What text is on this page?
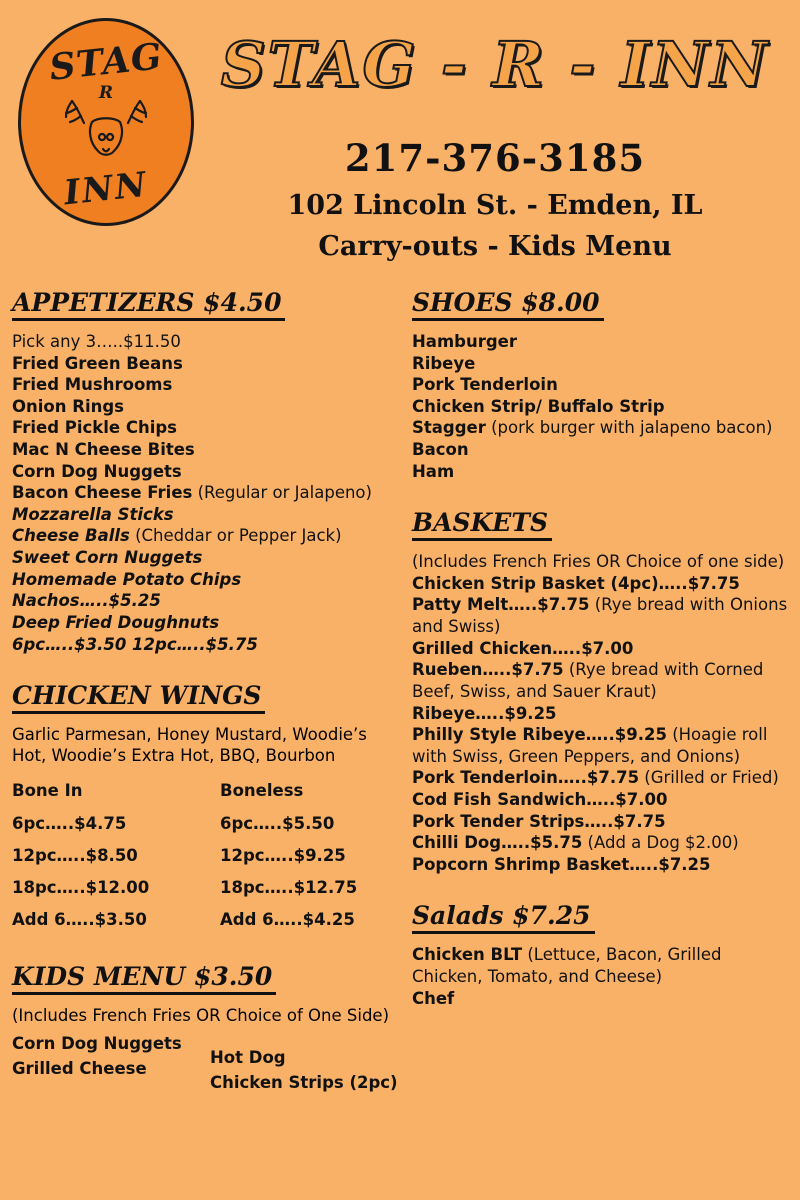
STAG
R
INN
STAG - R - INN
217-376-3185
102 Lincoln St. - Emden, IL
Carry-outs - Kids Menu
APPETIZERS $4.50
Pick any 3…..$11.50
Fried Green Beans
Fried Mushrooms
Onion Rings
Fried Pickle Chips
Mac N Cheese Bites
Corn Dog Nuggets
Bacon Cheese Fries (Regular or Jalapeno)
Mozzarella Sticks
Cheese Balls (Cheddar or Pepper Jack)
Sweet Corn Nuggets
Homemade Potato Chips
Nachos…..$5.25
Deep Fried Doughnuts
6pc…..$3.50 12pc…..$5.75
CHICKEN WINGS
Garlic Parmesan, Honey Mustard, Woodie’s Hot, Woodie’s Extra Hot, BBQ, Bourbon
Bone In
6pc…..$4.75
12pc…..$8.50
18pc…..$12.00
Add 6…..$3.50
Boneless
6pc…..$5.50
12pc…..$9.25
18pc…..$12.75
Add 6…..$4.25
KIDS MENU $3.50
(Includes French Fries OR Choice of One Side)
Corn Dog Nuggets
Grilled Cheese
Hot Dog
Chicken Strips (2pc)
SHOES $8.00
Hamburger
Ribeye
Pork Tenderloin
Chicken Strip/ Buffalo Strip
Stagger (pork burger with jalapeno bacon)
Bacon
Ham
BASKETS
(Includes French Fries OR Choice of one side)
Chicken Strip Basket (4pc)…..$7.75
Patty Melt…..$7.75 (Rye bread with Onions and Swiss)
Grilled Chicken…..$7.00
Rueben…..$7.75 (Rye bread with Corned Beef, Swiss, and Sauer Kraut)
Ribeye…..$9.25
Philly Style Ribeye…..$9.25 (Hoagie roll with Swiss, Green Peppers, and Onions)
Pork Tenderloin…..$7.75 (Grilled or Fried)
Cod Fish Sandwich…..$7.00
Pork Tender Strips…..$7.75
Chilli Dog…..$5.75 (Add a Dog $2.00)
Popcorn Shrimp Basket…..$7.25
Salads $7.25
Chicken BLT (Lettuce, Bacon, Grilled Chicken, Tomato, and Cheese)
Chef
